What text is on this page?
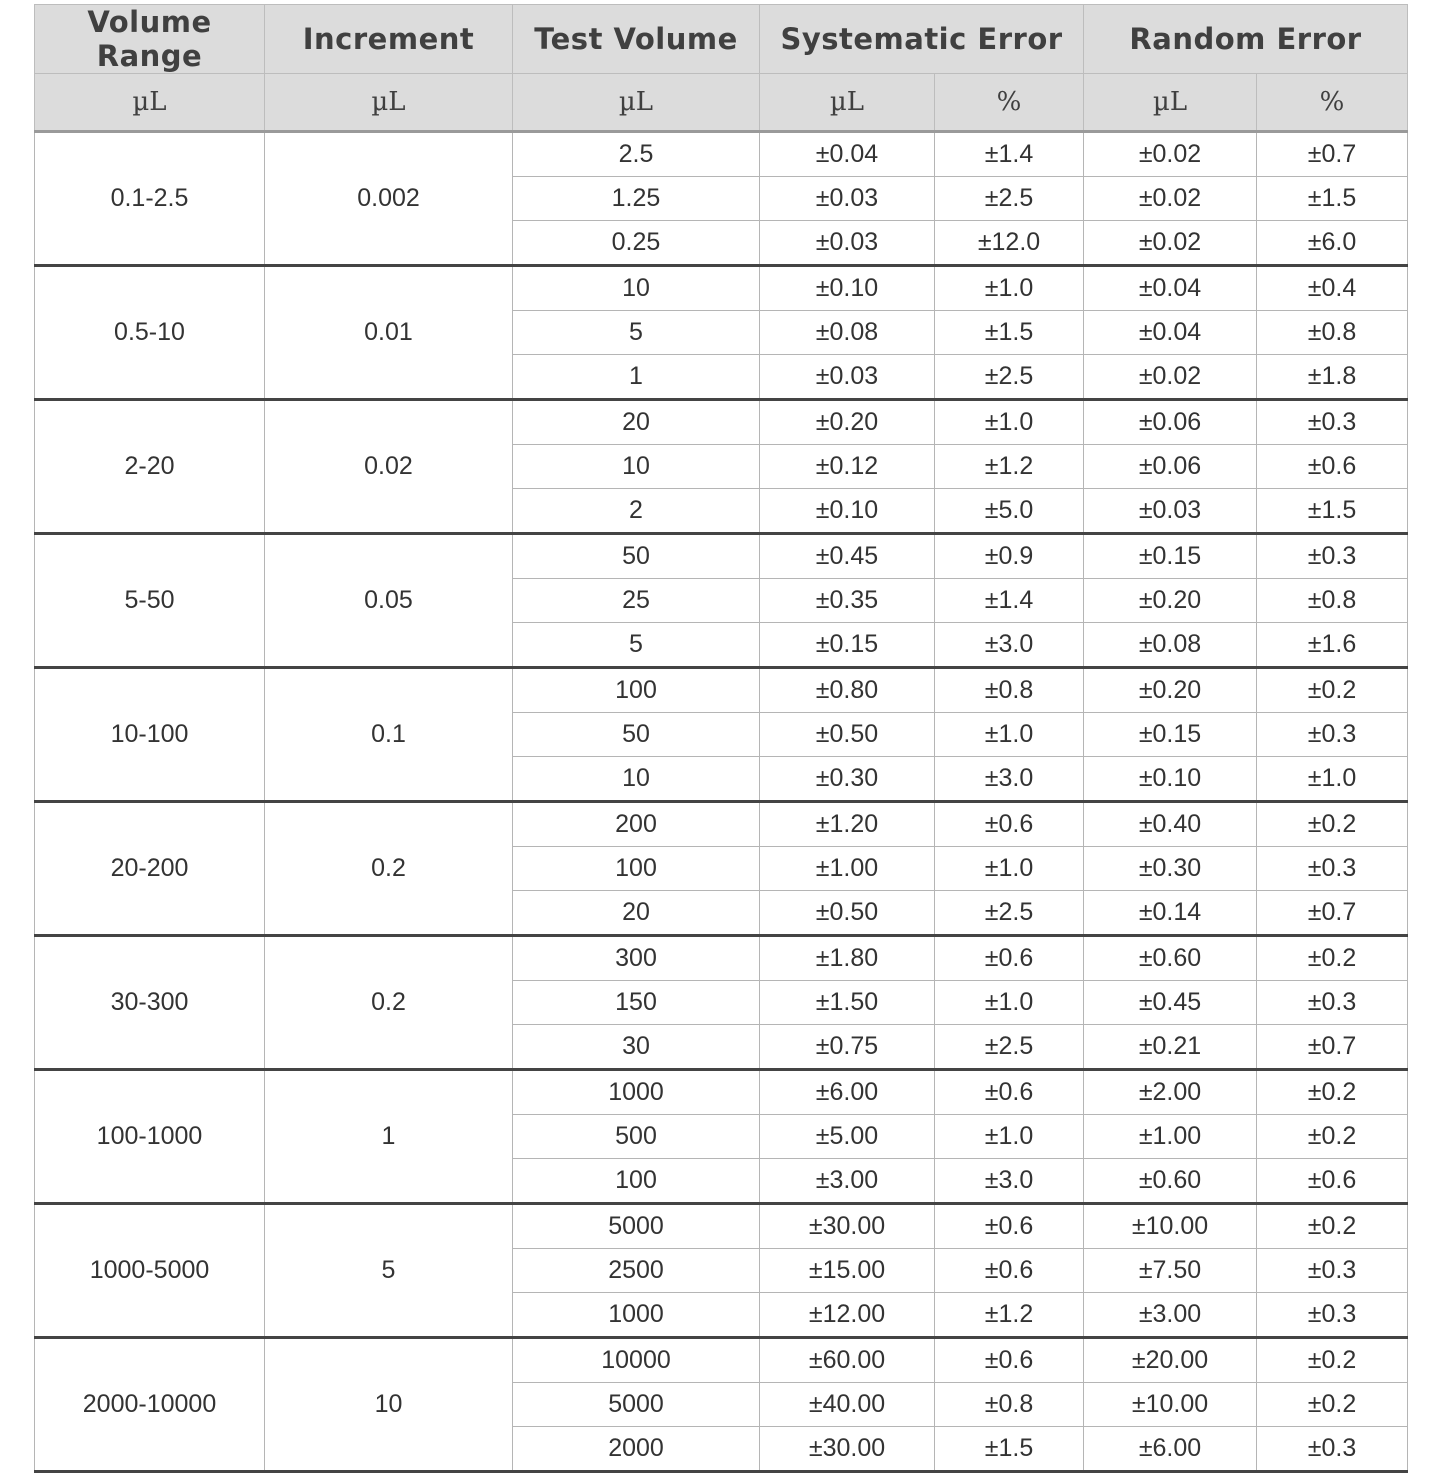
Volume Range	Increment	Test Volume	Systematic Error		Random Error	
µL	µL	µL	µL	%	µL	%
0.1-2.5	0.002	2.5	±0.04	±1.4	±0.02	±0.7
		1.25	±0.03	±2.5	±0.02	±1.5
		0.25	±0.03	±12.0	±0.02	±6.0
0.5-10	0.01	10	±0.10	±1.0	±0.04	±0.4
		5	±0.08	±1.5	±0.04	±0.8
		1	±0.03	±2.5	±0.02	±1.8
2-20	0.02	20	±0.20	±1.0	±0.06	±0.3
		10	±0.12	±1.2	±0.06	±0.6
		2	±0.10	±5.0	±0.03	±1.5
5-50	0.05	50	±0.45	±0.9	±0.15	±0.3
		25	±0.35	±1.4	±0.20	±0.8
		5	±0.15	±3.0	±0.08	±1.6
10-100	0.1	100	±0.80	±0.8	±0.20	±0.2
		50	±0.50	±1.0	±0.15	±0.3
		10	±0.30	±3.0	±0.10	±1.0
20-200	0.2	200	±1.20	±0.6	±0.40	±0.2
		100	±1.00	±1.0	±0.30	±0.3
		20	±0.50	±2.5	±0.14	±0.7
30-300	0.2	300	±1.80	±0.6	±0.60	±0.2
		150	±1.50	±1.0	±0.45	±0.3
		30	±0.75	±2.5	±0.21	±0.7
100-1000	1	1000	±6.00	±0.6	±2.00	±0.2
		500	±5.00	±1.0	±1.00	±0.2
		100	±3.00	±3.0	±0.60	±0.6
1000-5000	5	5000	±30.00	±0.6	±10.00	±0.2
		2500	±15.00	±0.6	±7.50	±0.3
		1000	±12.00	±1.2	±3.00	±0.3
2000-10000	10	10000	±60.00	±0.6	±20.00	±0.2
		5000	±40.00	±0.8	±10.00	±0.2
		2000	±30.00	±1.5	±6.00	±0.3
